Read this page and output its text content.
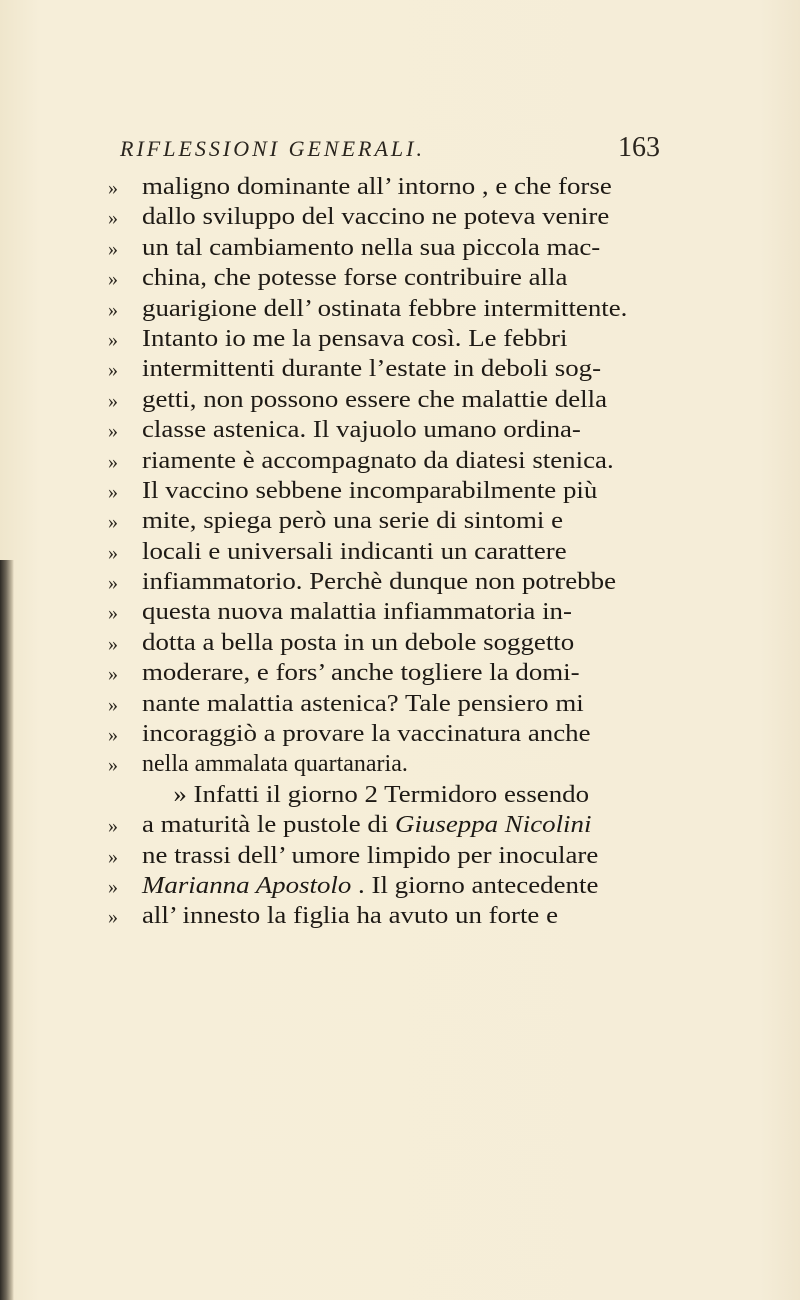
RIFLESSIONI GENERALI.	163
»	maligno dominante all’ intorno , e che forse
»	dallo sviluppo del vaccino ne poteva venire
»	un tal cambiamento nella sua piccola mac-
»	china, che potesse forse contribuire alla
»	guarigione dell’ ostinata febbre intermittente.
»	Intanto io me la pensava così. Le febbri
»	intermittenti durante l’estate in deboli sog-
»	getti, non possono essere che malattie della
»	classe astenica. Il vajuolo umano ordina-
»	riamente è accompagnato da diatesi stenica.
»	Il vaccino sebbene incomparabilmente più
»	mite, spiega però una serie di sintomi e
»	locali e universali indicanti un carattere
»	infiammatorio. Perchè dunque non potrebbe
»	questa nuova malattia infiammatoria in-
»	dotta a bella posta in un debole soggetto
»	moderare, e fors’ anche togliere la domi-
»	nante malattia astenica? Tale pensiero mi
»	incoraggiò a provare la vaccinatura anche
»	nella ammalata quartanaria.
» Infatti il giorno 2 Termidoro essendo
»	a maturità le pustole di Giuseppa Nicolini
»	ne trassi dell’ umore limpido per inoculare
»	Marianna Apostolo . Il giorno antecedente
»	all’ innesto la figlia ha avuto un forte e
